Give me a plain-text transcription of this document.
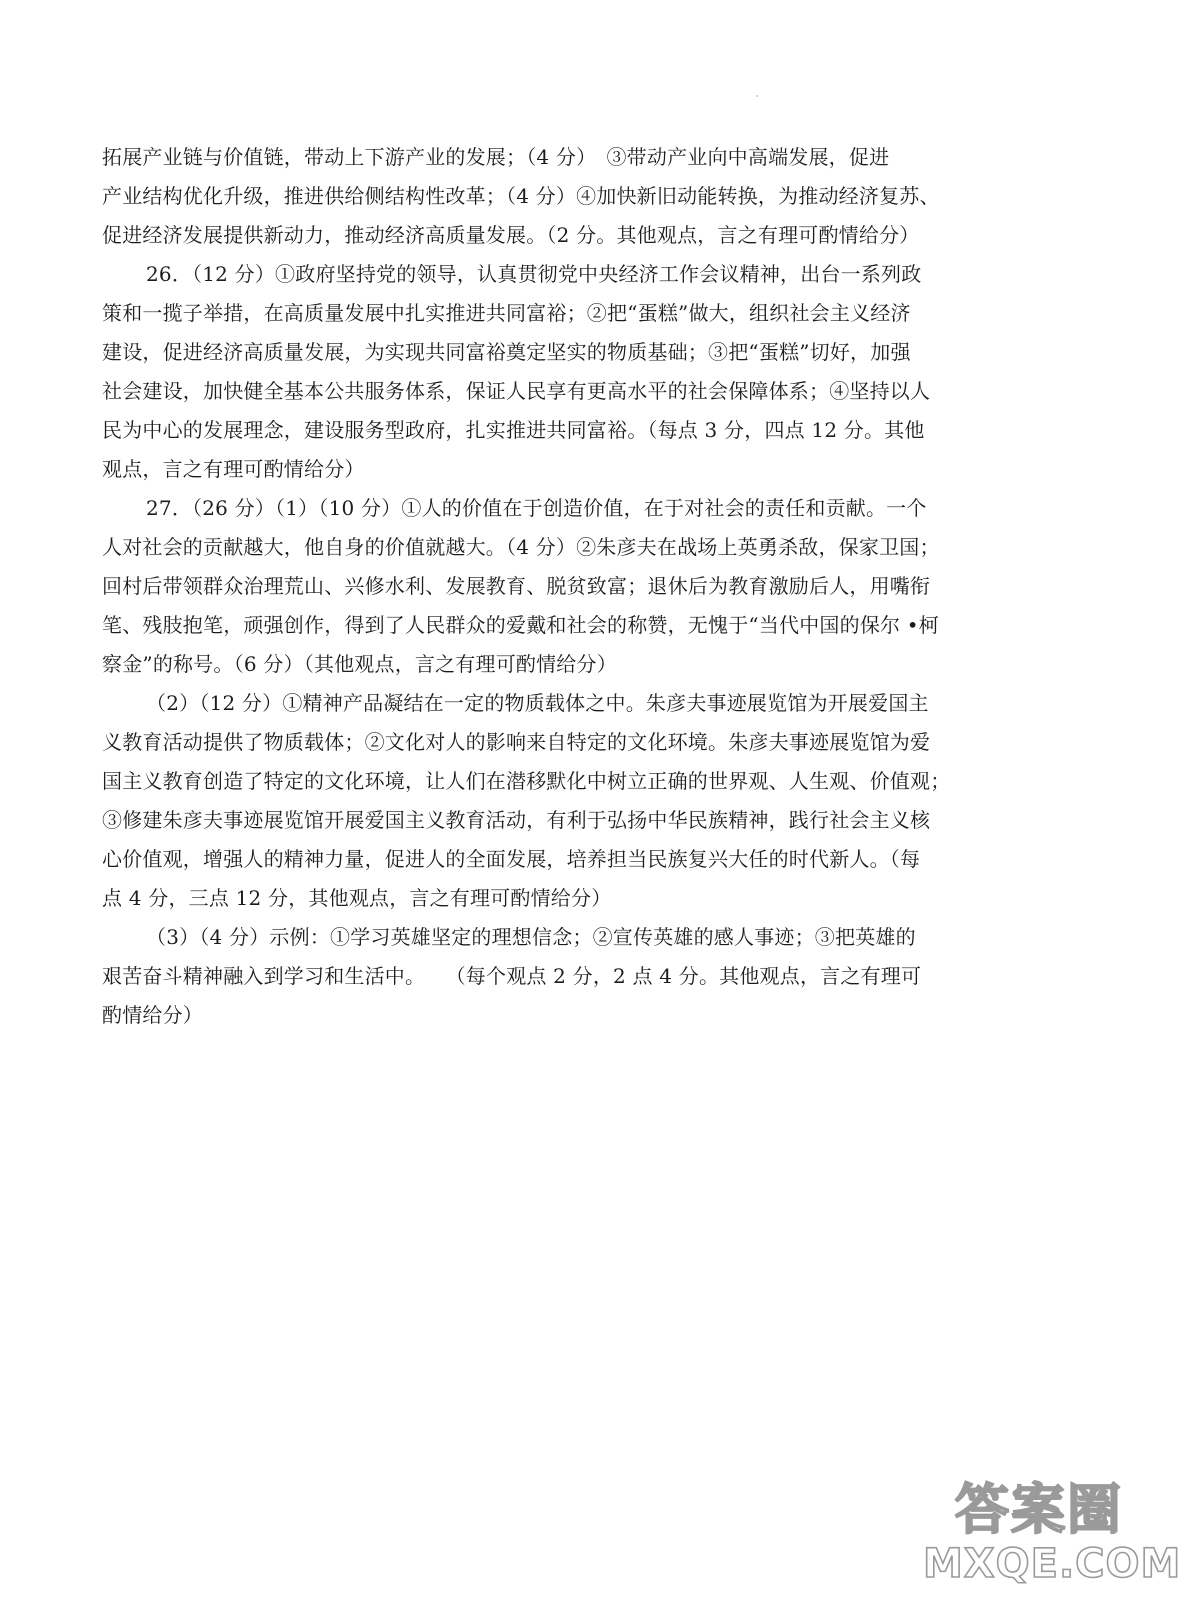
拓展产业链与价值链，带动上下游产业的发展；（4 分）　③带动产业向中高端发展，促进
产业结构优化升级，推进供给侧结构性改革；（4 分）④加快新旧动能转换，为推动经济复苏、
促进经济发展提供新动力，推动经济高质量发展。（2 分。其他观点，言之有理可酌情给分）
26．（12 分）①政府坚持党的领导，认真贯彻党中央经济工作会议精神，出台一系列政
策和一揽子举措，在高质量发展中扎实推进共同富裕；②把“蛋糕”做大，组织社会主义经济
建设，促进经济高质量发展，为实现共同富裕奠定坚实的物质基础；③把“蛋糕”切好，加强
社会建设，加快健全基本公共服务体系，保证人民享有更高水平的社会保障体系；④坚持以人
民为中心的发展理念，建设服务型政府，扎实推进共同富裕。（每点 3 分，四点 12 分。其他
观点，言之有理可酌情给分）
27．（26 分）（1）（10 分）①人的价值在于创造价值，在于对社会的责任和贡献。一个
人对社会的贡献越大，他自身的价值就越大。（4 分）②朱彦夫在战场上英勇杀敌，保家卫国；
回村后带领群众治理荒山、兴修水利、发展教育、脱贫致富；退休后为教育激励后人，用嘴衔
笔、残肢抱笔，顽强创作，得到了人民群众的爱戴和社会的称赞，无愧于“当代中国的保尔 •柯
察金”的称号。（6 分）（其他观点，言之有理可酌情给分）
（2）（12 分）①精神产品凝结在一定的物质载体之中。朱彦夫事迹展览馆为开展爱国主
义教育活动提供了物质载体；②文化对人的影响来自特定的文化环境。朱彦夫事迹展览馆为爱
国主义教育创造了特定的文化环境，让人们在潜移默化中树立正确的世界观、人生观、价值观；
③修建朱彦夫事迹展览馆开展爱国主义教育活动，有利于弘扬中华民族精神，践行社会主义核
心价值观，增强人的精神力量，促进人的全面发展，培养担当民族复兴大任的时代新人。（每
点 4 分，三点 12 分，其他观点，言之有理可酌情给分）
（3）（4 分）示例：①学习英雄坚定的理想信念；②宣传英雄的感人事迹；③把英雄的
艰苦奋斗精神融入到学习和生活中。　　（每个观点 2 分，2 点 4 分。其他观点，言之有理可
酌情给分）
答案圈
MXQE.COM
